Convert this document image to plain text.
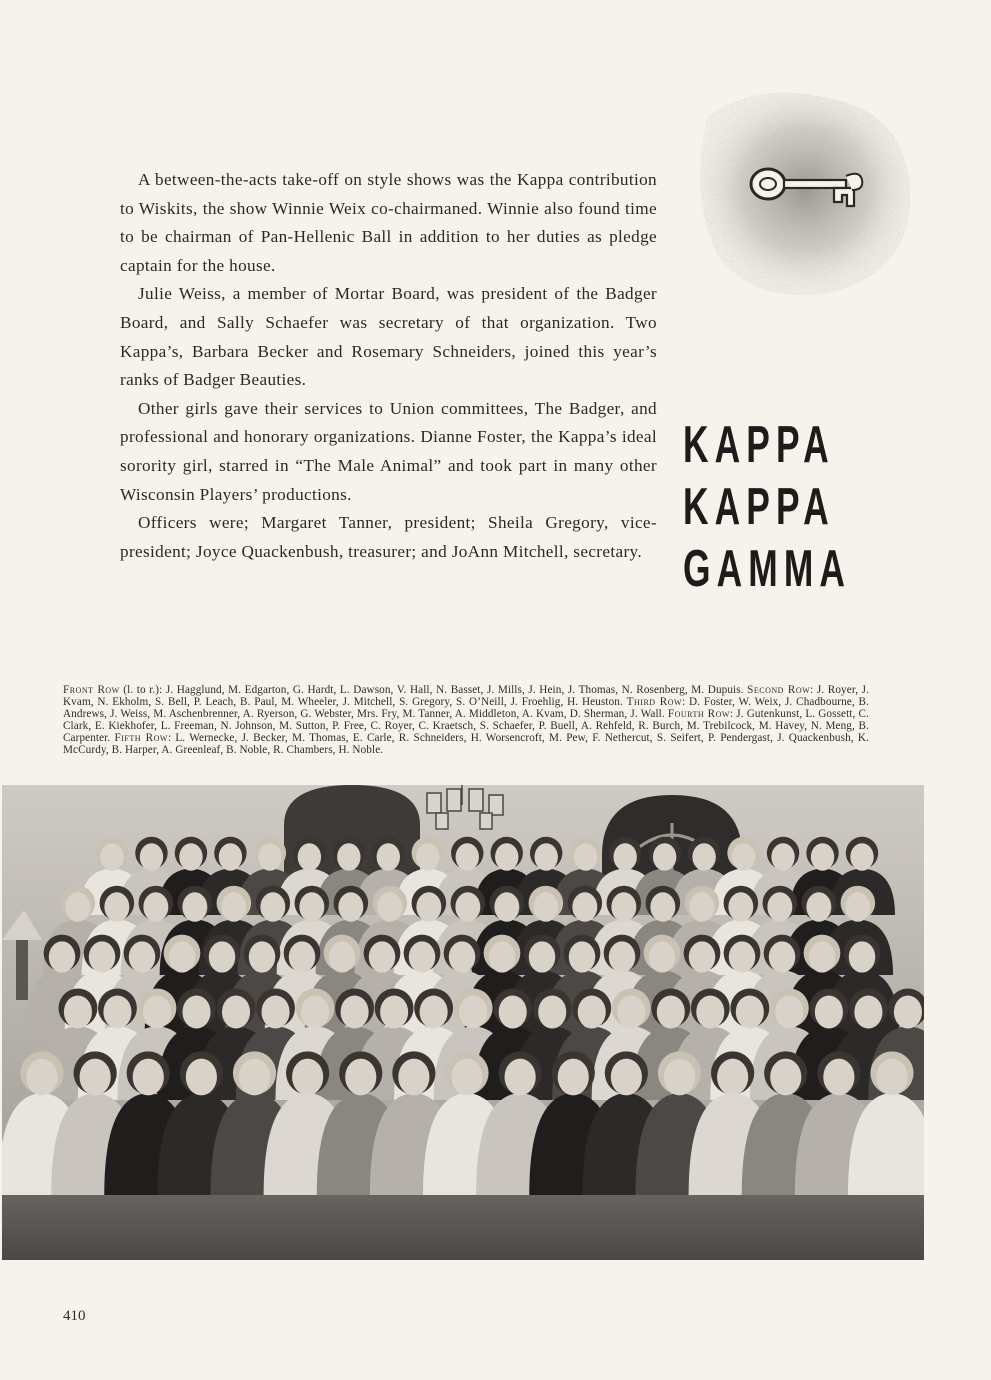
A between-the-acts take-off on style shows was the Kappa contribution to Wiskits, the show Winnie Weix co-chairmaned. Winnie also found time to be chairman of Pan-Hellenic Ball in addition to her duties as pledge captain for the house.

Julie Weiss, a member of Mortar Board, was president of the Badger Board, and Sally Schaefer was secretary of that organization. Two Kappa’s, Barbara Becker and Rosemary Schneiders, joined this year’s ranks of Badger Beauties.

Other girls gave their services to Union committees, The Badger, and professional and honorary organizations. Dianne Foster, the Kappa’s ideal sorority girl, starred in “The Male Animal” and took part in many other Wisconsin Players’ productions.

Officers were; Margaret Tanner, president; Sheila Gregory, vice-president; Joyce Quackenbush, treasurer; and JoAnn Mitchell, secretary.

KAPPA
KAPPA
GAMMA
Front Row (l. to r.): J. Hagglund, M. Edgarton, G. Hardt, L. Dawson, V. Hall, N. Basset, J. Mills, J. Hein, J. Thomas, N. Rosenberg, M. Dupuis. Second Row: J. Royer, J. Kvam, N. Ekholm, S. Bell, P. Leach, B. Paul, M. Wheeler, J. Mitchell, S. Gregory, S. O’Neill, J. Froehlig, H. Heuston. Third Row: D. Foster, W. Weix, J. Chadbourne, B. Andrews, J. Weiss, M. Aschenbrenner, A. Ryerson, G. Webster, Mrs. Fry, M. Tanner, A. Middleton, A. Kvam, D. Sherman, J. Wall. Fourth Row: J. Gutenkunst, L. Gossett, C. Clark, E. Kiekhofer, L. Freeman, N. Johnson, M. Sutton, P. Free, C. Royer, C. Kraetsch, S. Schaefer, P. Buell, A. Rehfeld, R. Burch, M. Trebilcock, M. Havey, N. Meng, B. Carpenter. Fifth Row: L. Wernecke, J. Becker, M. Thomas, E. Carle, R. Schneiders, H. Worsencroft, M. Pew, F. Nethercut, S. Seifert, P. Pendergast, J. Quackenbush, K. McCurdy, B. Harper, A. Greenleaf, B. Noble, R. Chambers, H. Noble.
410
